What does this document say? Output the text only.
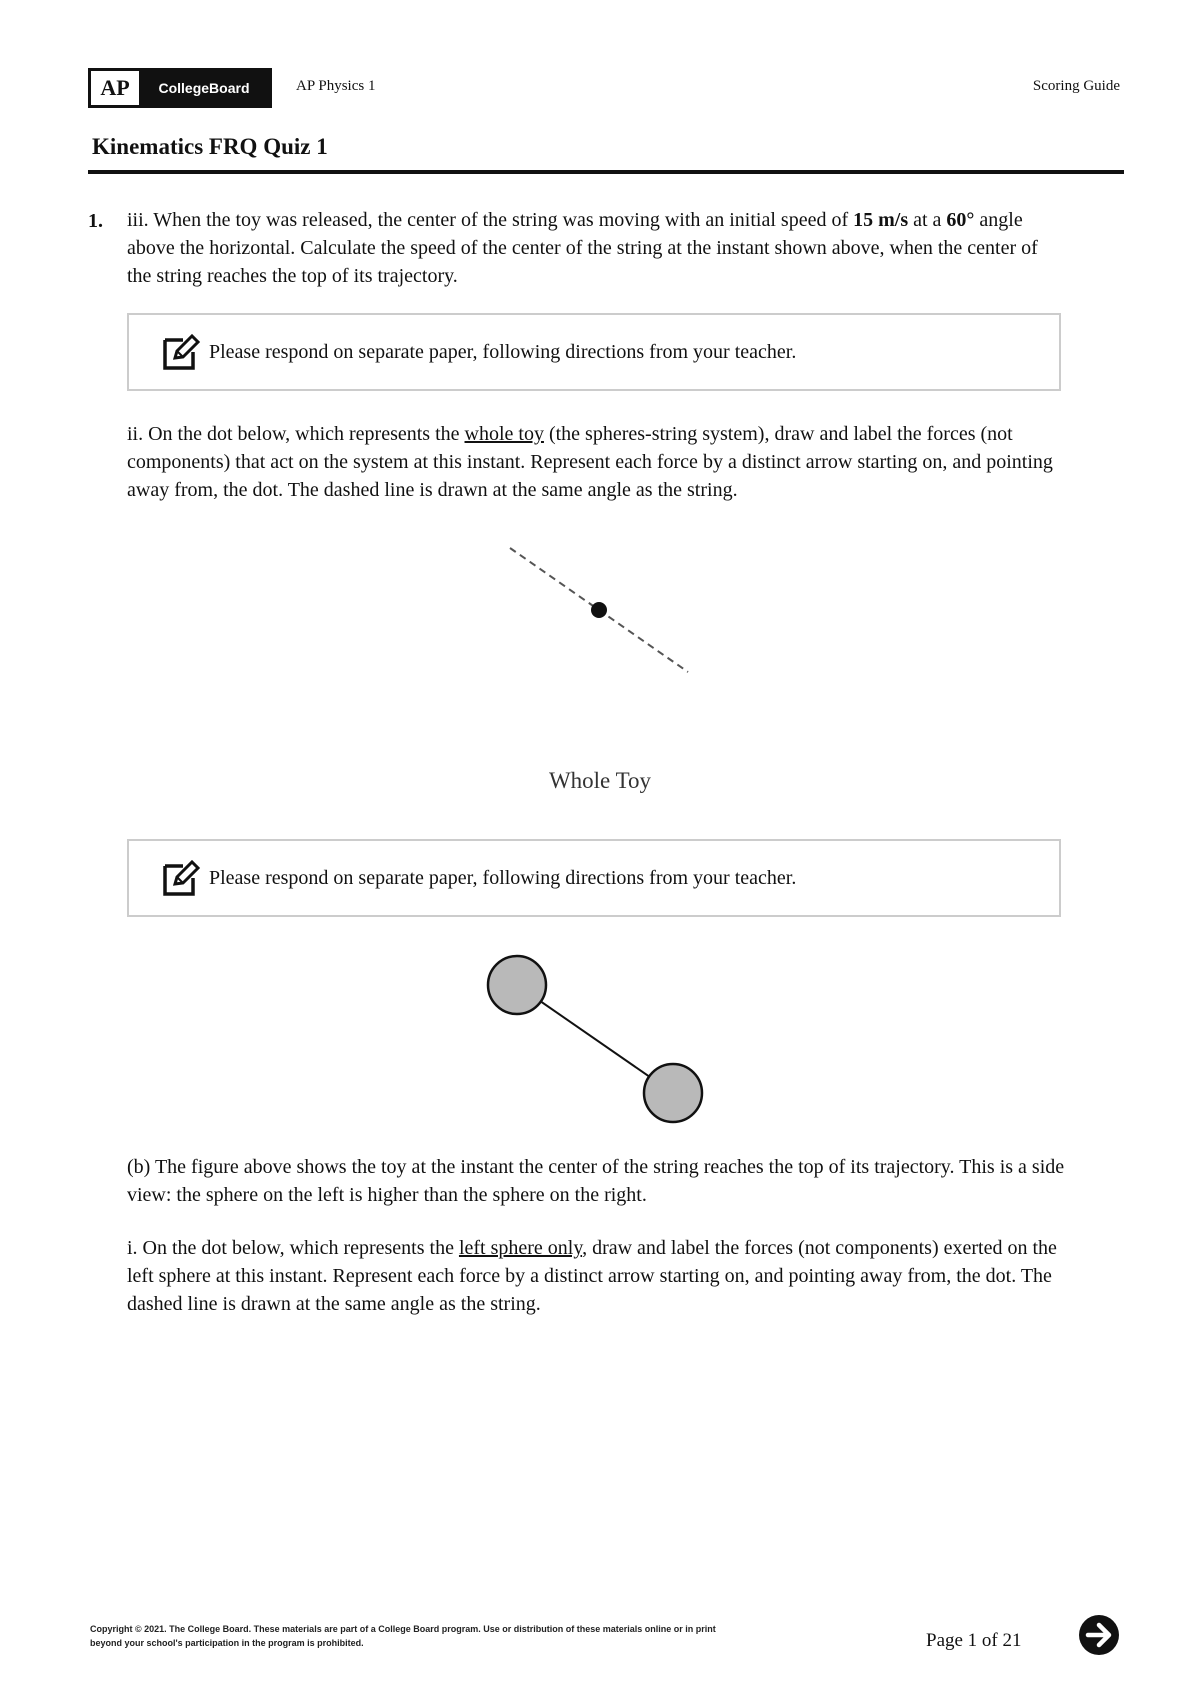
AP	CollegeBoard	AP Physics 1	Scoring Guide
Kinematics FRQ Quiz 1
1. iii. When the toy was released, the center of the string was moving with an initial speed of 15 m/s at a 60° angle above the horizontal. Calculate the speed of the center of the string at the instant shown above, when the center of the string reaches the top of its trajectory.
Please respond on separate paper, following directions from your teacher.
ii. On the dot below, which represents the whole toy (the spheres-string system), draw and label the forces (not components) that act on the system at this instant. Represent each force by a distinct arrow starting on, and pointing away from, the dot. The dashed line is drawn at the same angle as the string.
Whole Toy
Please respond on separate paper, following directions from your teacher.
(b) The figure above shows the toy at the instant the center of the string reaches the top of its trajectory. This is a side view: the sphere on the left is higher than the sphere on the right.
i. On the dot below, which represents the left sphere only, draw and label the forces (not components) exerted on the left sphere at this instant. Represent each force by a distinct arrow starting on, and pointing away from, the dot. The dashed line is drawn at the same angle as the string.
Copyright © 2021. The College Board. These materials are part of a College Board program. Use or distribution of these materials online or in print
beyond your school's participation in the program is prohibited.	Page 1 of 21
